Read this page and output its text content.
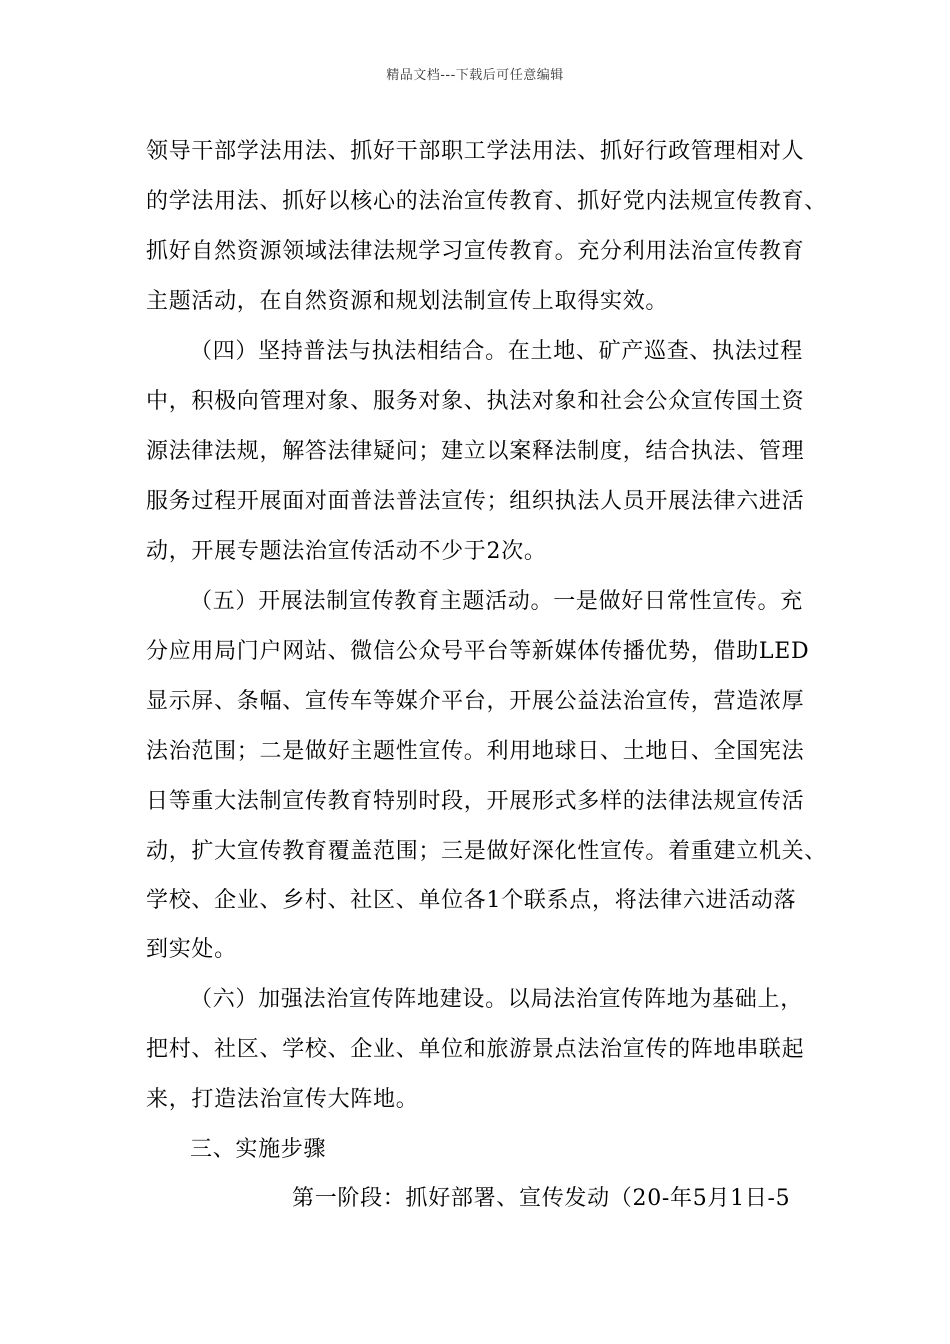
精品文档---下载后可任意编辑
领导干部学法用法、抓好干部职工学法用法、抓好行政管理相对人
的学法用法、抓好以核心的法治宣传教育、抓好党内法规宣传教育、
抓好自然资源领域法律法规学习宣传教育。充分利用法治宣传教育
主题活动，在自然资源和规划法制宣传上取得实效。
（四）坚持普法与执法相结合。在土地、矿产巡查、执法过程
中，积极向管理对象、服务对象、执法对象和社会公众宣传国土资
源法律法规，解答法律疑问；建立以案释法制度，结合执法、管理
服务过程开展面对面普法普法宣传；组织执法人员开展法律六进活
动，开展专题法治宣传活动不少于2次。
（五）开展法制宣传教育主题活动。一是做好日常性宣传。充
分应用局门户网站、微信公众号平台等新媒体传播优势，借助LED
显示屏、条幅、宣传车等媒介平台，开展公益法治宣传，营造浓厚
法治范围；二是做好主题性宣传。利用地球日、土地日、全国宪法
日等重大法制宣传教育特别时段，开展形式多样的法律法规宣传活
动，扩大宣传教育覆盖范围；三是做好深化性宣传。着重建立机关、
学校、企业、乡村、社区、单位各1个联系点，将法律六进活动落
到实处。
（六）加强法治宣传阵地建设。以局法治宣传阵地为基础上，
把村、社区、学校、企业、单位和旅游景点法治宣传的阵地串联起
来，打造法治宣传大阵地。
三、实施步骤
第一阶段：抓好部署、宣传发动（20-年5月1日-5
